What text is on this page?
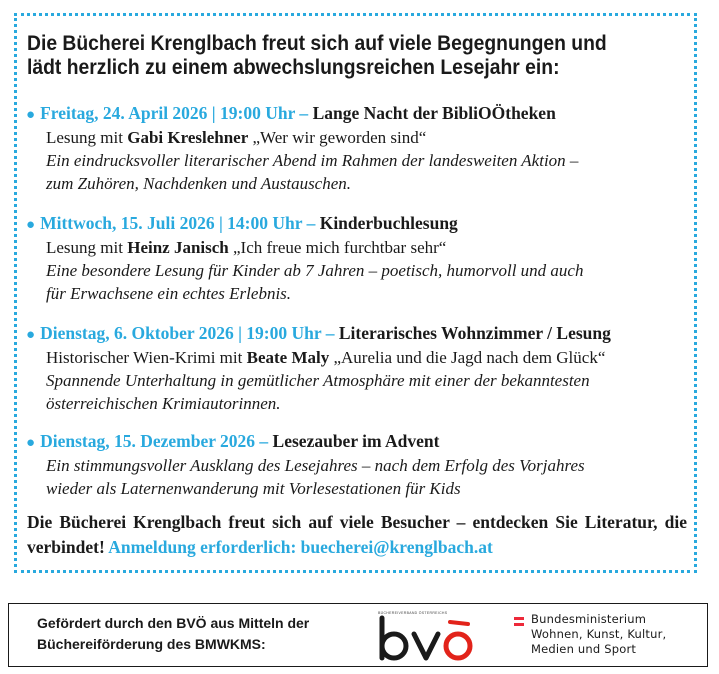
Die Bücherei Krenglbach freut sich auf viele Begegnungen und
lädt herzlich zu einem abwechslungsreichen Lesejahr ein:
● Freitag, 24. April 2026 | 19:00 Uhr – Lange Nacht der BibliOÖtheken
Lesung mit Gabi Kreslehner „Wer wir geworden sind“
Ein eindrucksvoller literarischer Abend im Rahmen der landesweiten Aktion –
zum Zuhören, Nachdenken und Austauschen.
● Mittwoch, 15. Juli 2026 | 14:00 Uhr – Kinderbuchlesung
Lesung mit Heinz Janisch „Ich freue mich furchtbar sehr“
Eine besondere Lesung für Kinder ab 7 Jahren – poetisch, humorvoll und auch
für Erwachsene ein echtes Erlebnis.
● Dienstag, 6. Oktober 2026 | 19:00 Uhr – Literarisches Wohnzimmer / Lesung
Historischer Wien-Krimi mit Beate Maly „Aurelia und die Jagd nach dem Glück“
Spannende Unterhaltung in gemütlicher Atmosphäre mit einer der bekanntesten
österreichischen Krimiautorinnen.
● Dienstag, 15. Dezember 2026 – Lesezauber im Advent
Ein stimmungsvoller Ausklang des Lesejahres – nach dem Erfolg des Vorjahres
wieder als Laternenwanderung mit Vorlesestationen für Kids
Die Bücherei Krenglbach freut sich auf viele Besucher – entdecken Sie Literatur, die verbindet! Anmeldung erforderlich: buecherei@krenglbach.at
Gefördert durch den BVÖ aus Mitteln der
Büchereiförderung des BMWKMS:
BÜCHEREIVERBAND ÖSTERREICHS	Bundesministerium
Wohnen, Kunst, Kultur,
Medien und Sport
